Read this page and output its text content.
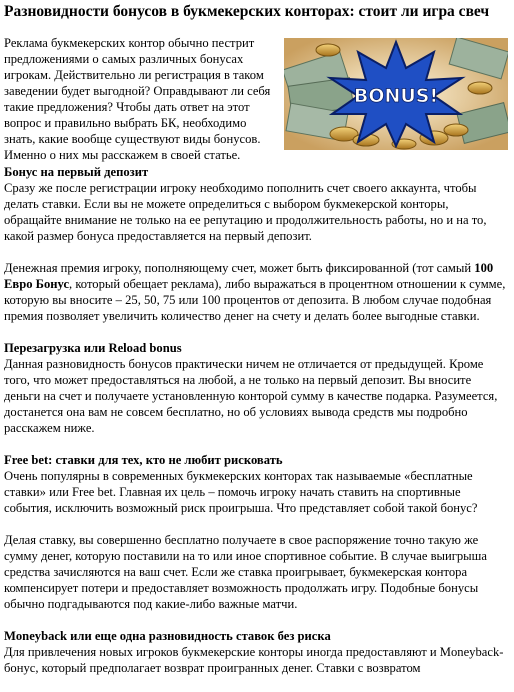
Разновидности бонусов в букмекерских конторах: стоит ли игра свеч

Реклама букмекерских контор обычно пестрит предложениями о самых различных бонусах игрокам. Действительно ли регистрация в таком заведении будет выгодной? Оправдывают ли себя такие предложения? Чтобы дать ответ на этот вопрос и правильно выбрать БК, необходимо знать, какие вообще существуют виды бонусов. Именно о них мы расскажем в своей статье.

BONUS!
Бонус на первый депозит

Сразу же после регистрации игроку необходимо пополнить счет своего аккаунта, чтобы делать ставки. Если вы не можете определиться с выбором букмекерской конторы, обращайте внимание не только на ее репутацию и продолжительность работы, но и на то, какой размер бонуса предоставляется на первый депозит.

Денежная премия игроку, пополняющему счет, может быть фиксированной (тот самый 100 Евро Бонус, который обещает реклама), либо выражаться в процентном отношении к сумме, которую вы вносите – 25, 50, 75 или 100 процентов от депозита. В любом случае подобная премия позволяет увеличить количество денег на счету и делать более выгодные ставки.

Перезагрузка или Reload bonus

Данная разновидность бонусов практически ничем не отличается от предыдущей. Кроме того, что может предоставляться на любой, а не только на первый депозит. Вы вносите деньги на счет и получаете установленную конторой сумму в качестве подарка. Разумеется, достанется она вам не совсем бесплатно, но об условиях вывода средств мы подробно расскажем ниже.

Free bet: ставки для тех, кто не любит рисковать

Очень популярны в современных букмекерских конторах так называемые «бесплатные ставки» или Free bet. Главная их цель – помочь игроку начать ставить на спортивные события, исключить возможный риск проигрыша. Что представляет собой такой бонус?

Делая ставку, вы совершенно бесплатно получаете в свое распоряжение точно такую же сумму денег, которую поставили на то или иное спортивное событие. В случае выигрыша средства зачисляются на ваш счет. Если же ставка проигрывает, букмекерская контора компенсирует потери и предоставляет возможность продолжать игру. Подобные бонусы обычно подгадываются под какие-либо важные матчи.

Moneyback или еще одна разновидность ставок без риска

Для привлечения новых игроков букмекерские конторы иногда предоставляют и Moneyback-бонус, который предполагает возврат проигранных денег. Ставки с возвратом
